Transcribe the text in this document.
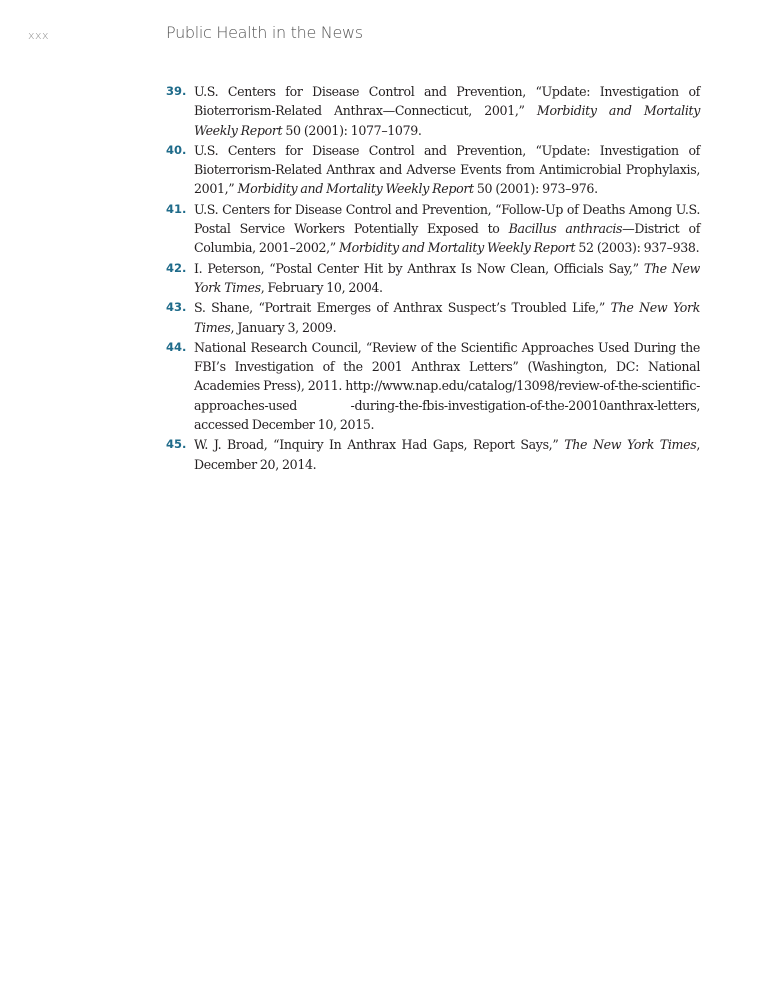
xxx	Public Health in the News
39. U.S. Centers for Disease Control and Prevention, “Update: Investigation of Bioterrorism-Related Anthrax—Connecticut, 2001,” Morbidity and Mortality Weekly Report 50 (2001): 1077–1079.
40. U.S. Centers for Disease Control and Prevention, “Update: Investigation of Bioterrorism-Related Anthrax and Adverse Events from Antimicrobial Prophylaxis, 2001,” Morbidity and Mortality Weekly Report 50 (2001): 973–976.
41. U.S. Centers for Disease Control and Prevention, “Follow-Up of Deaths Among U.S. Postal Service Workers Potentially Exposed to Bacillus anthracis—District of Columbia, 2001–2002,” Morbidity and Mortality Weekly Report 52 (2003): 937–938.
42. I. Peterson, “Postal Center Hit by Anthrax Is Now Clean, Officials Say,” The New York Times, February 10, 2004.
43. S. Shane, “Portrait Emerges of Anthrax Suspect’s Troubled Life,” The New York Times, January 3, 2009.
44. National Research Council, “Review of the Scientific Approaches Used During the FBI’s Investigation of the 2001 Anthrax Letters” (Washington, DC: National Academies Press), 2011. http://www.nap.edu/catalog/13098/review-of-the-scientific-approaches-used -during-the-fbis-investigation-of-the-20010anthrax-letters, accessed December 10, 2015.
45. W. J. Broad, “Inquiry In Anthrax Had Gaps, Report Says,” The New York Times, December 20, 2014.
